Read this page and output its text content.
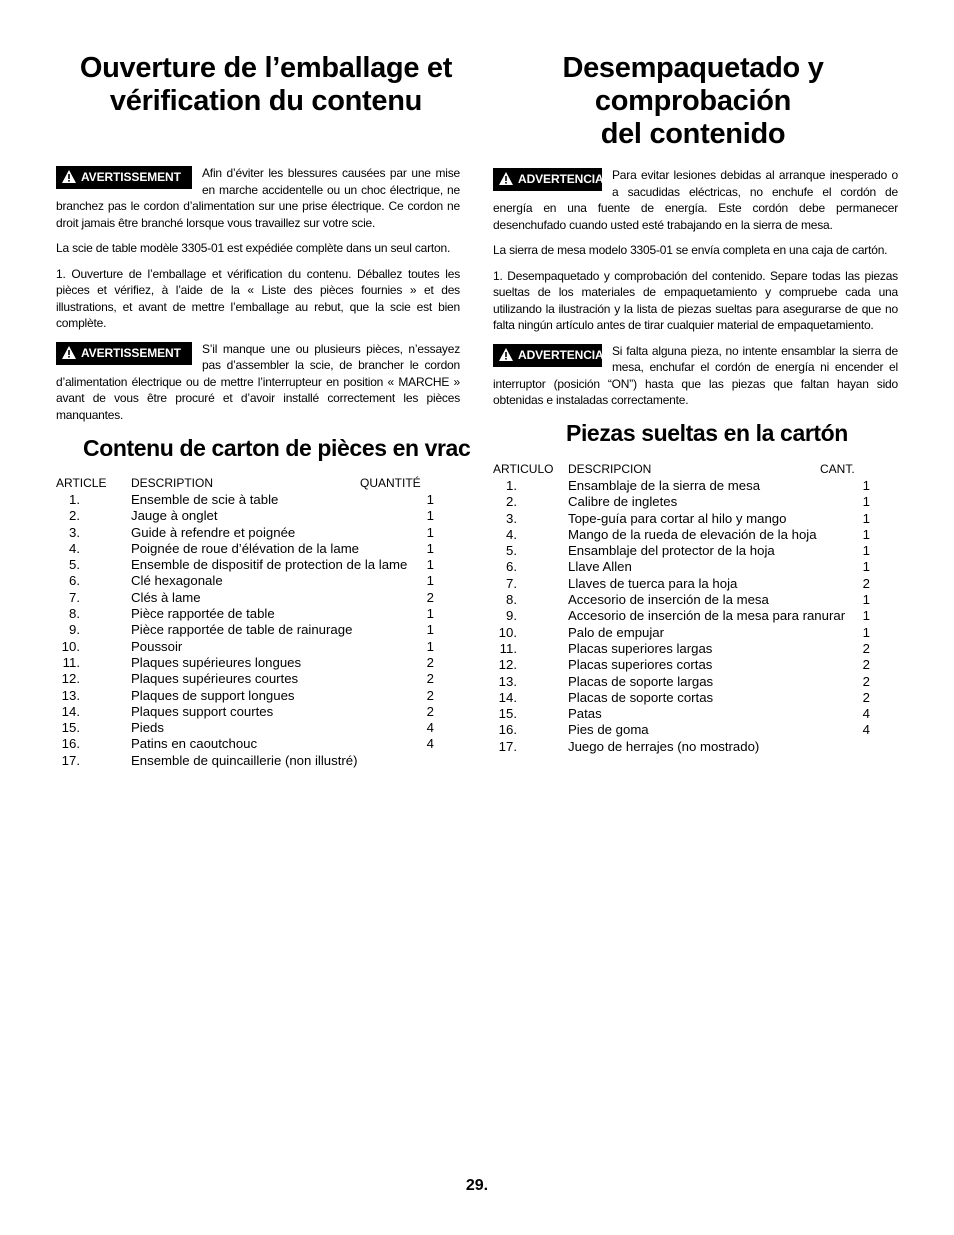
Ouverture de l’emballage et
vérification du contenu
AVERTISSEMENT	Afin d’éviter les blessures causées par une mise en marche accidentelle ou un choc électrique, ne branchez pas le cordon d’alimentation sur une prise électrique. Ce cordon ne droit jamais être branché lorsque vous travaillez sur votre scie.

La scie de table modèle 3305-01 est expédiée complète dans un seul carton.

1. Ouverture de l’emballage et vérification du contenu. Déballez toutes les pièces et vérifiez, à l’aide de la « Liste des pièces fournies » et des illustrations, et avant de mettre l’emballage au rebut, que la scie est bien complète.

AVERTISSEMENT	S’il manque une ou plusieurs pièces, n’essayez pas d’assembler la scie, de brancher le cordon d’alimentation électrique ou de mettre l’interrupteur en position « MARCHE » avant de vous être procuré et d’avoir installé correctement les pièces manquantes.
Contenu de carton de pièces en vrac
ARTICLE DESCRIPTION	QUANTITÉ
1.	Ensemble de scie à table	1
2.	Jauge à onglet	1
3.	Guide à refendre et poignée	1
4.	Poignée de roue d’élévation de la lame	1
5.	Ensemble de dispositif de protection de la lame 1
6.	Clé hexagonale	1
7.	Clés à lame	2
8.	Pièce rapportée de table	1
9.	Pièce rapportée de table de rainurage	1
10.	Poussoir	1
11.	Plaques supérieures longues	2
12.	Plaques supérieures courtes	2
13.	Plaques de support longues	2
14.	Plaques support courtes	2
15.	Pieds	4
16.	Patins en caoutchouc	4
17.	Ensemble de quincaillerie (non illustré)
Desempaquetado y
comprobación
del contenido
ADVERTENCIA Para evitar lesiones debidas al arranque inesperado o a sacudidas eléctricas, no enchufe el cordón de energía en una fuente de energía. Este cordón debe permanecer desenchufado cuando usted esté trabajando en la sierra de mesa.

La sierra de mesa modelo 3305-01 se envía completa en una caja de cartón.

1. Desempaquetado y comprobación del contenido. Separe todas las piezas sueltas de los materiales de empaquetamiento y compruebe cada una utilizando la ilustración y la lista de piezas sueltas para asegurarse de que no falta ningún artículo antes de tirar cualquier material de empaquetamiento.

ADVERTENCIA Si falta alguna pieza, no intente ensamblar la sierra de mesa, enchufar el cordón de energía ni encender el interruptor (posición “ON”) hasta que las piezas que faltan hayan sido obtenidas e instaladas correctamente.
Piezas sueltas en la cartón
ARTICULO DESCRIPCION	CANT.
1.	Ensamblaje de la sierra de mesa	1
2.	Calibre de ingletes	1
3.	Tope-guía para cortar al hilo y mango	1
4.	Mango de la rueda de elevación de la hoja	1
5.	Ensamblaje del protector de la hoja	1
6.	Llave Allen	1
7.	Llaves de tuerca para la hoja	2
8.	Accesorio de inserción de la mesa	1
9.	Accesorio de inserción de la mesa para ranurar 1
10.	Palo de empujar	1
11.	Placas superiores largas	2
12.	Placas superiores cortas	2
13.	Placas de soporte largas	2
14.	Placas de soporte cortas	2
15.	Patas	4
16.	Pies de goma	4
17.	Juego de herrajes (no mostrado)
29.
